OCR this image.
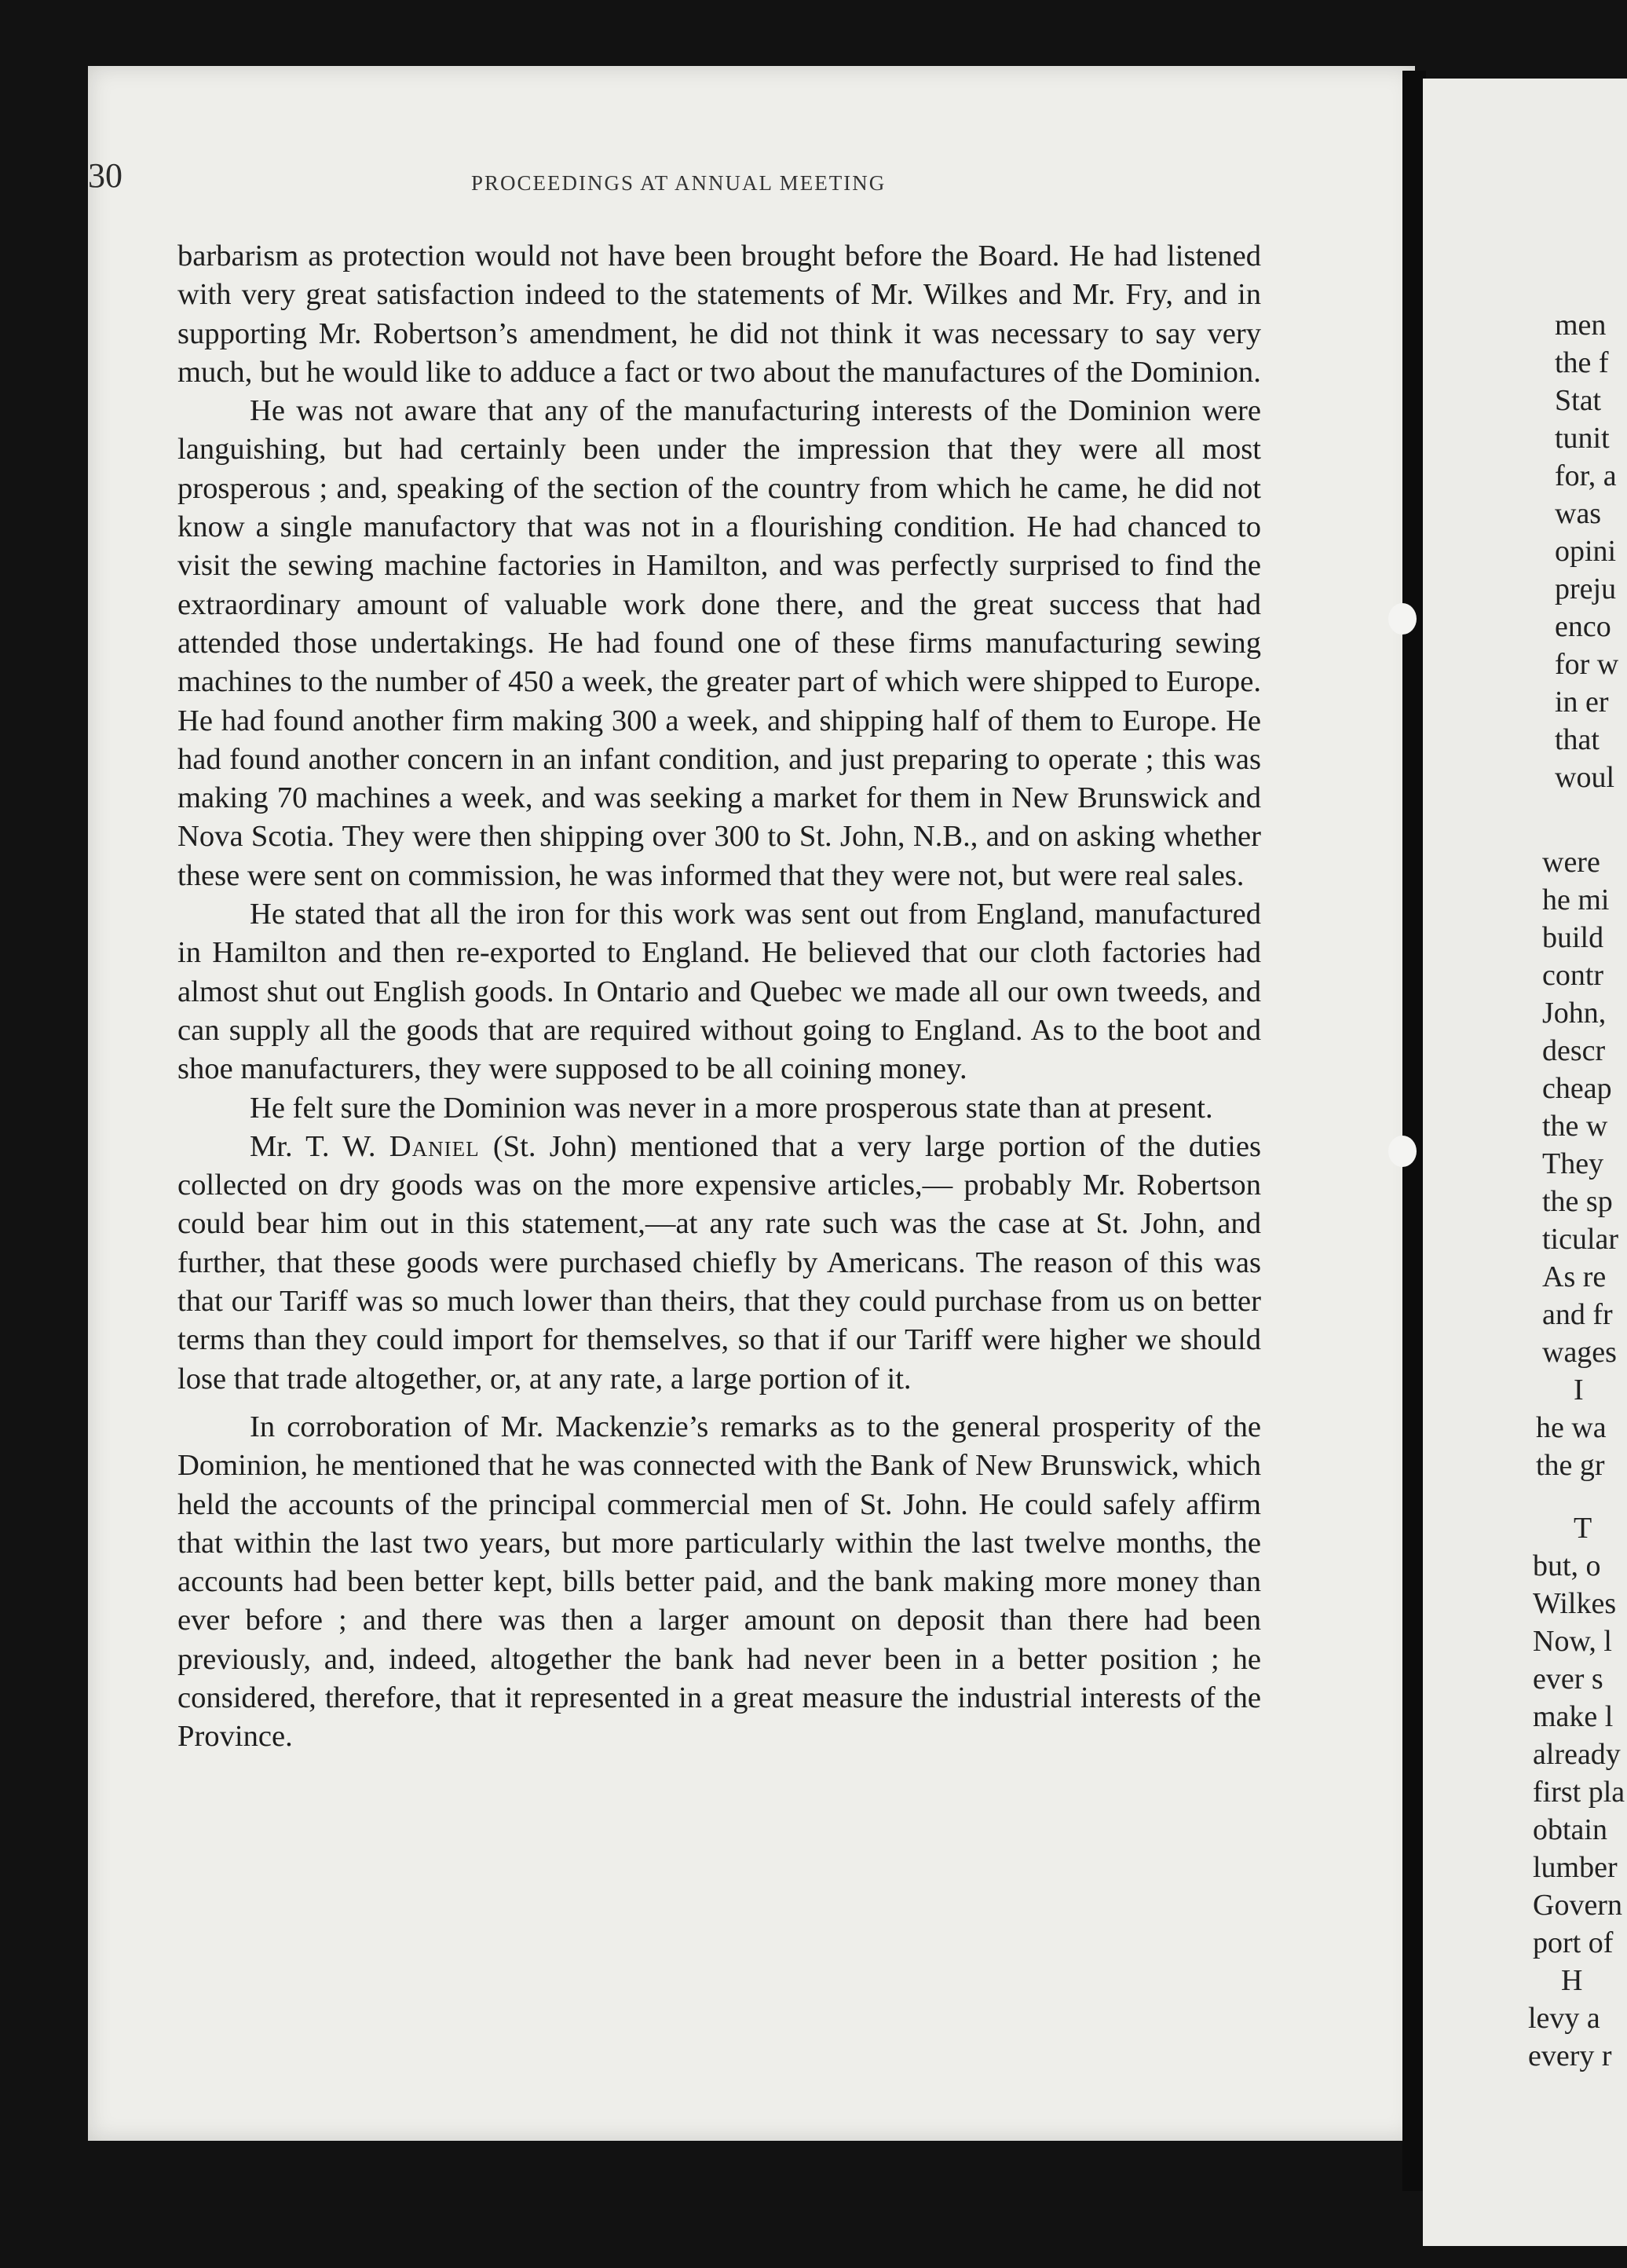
30	PROCEEDINGS AT ANNUAL MEETING

barbarism as protection would not have been brought before the Board. He had listened with very great satisfaction indeed to the statements of Mr. Wilkes and Mr. Fry, and in supporting Mr. Robertson’s amendment, he did not think it was necessary to say very much, but he would like to adduce a fact or two about the manufactures of the Dominion.

He was not aware that any of the manufacturing interests of the Dominion were languishing, but had certainly been under the impression that they were all most prosperous ; and, speaking of the section of the country from which he came, he did not know a single manufactory that was not in a flourishing condition. He had chanced to visit the sewing machine factories in Hamilton, and was perfectly surprised to find the extraordinary amount of valuable work done there, and the great success that had attended those undertakings. He had found one of these firms manufacturing sewing machines to the number of 450 a week, the greater part of which were shipped to Europe. He had found another firm making 300 a week, and shipping half of them to Europe. He had found another concern in an infant condition, and just preparing to operate ; this was making 70 machines a week, and was seeking a market for them in New Brunswick and Nova Scotia. They were then shipping over 300 to St. John, N.B., and on asking whether these were sent on commission, he was informed that they were not, but were real sales.

He stated that all the iron for this work was sent out from England, manufactured in Hamilton and then re-exported to England. He believed that our cloth factories had almost shut out English goods. In Ontario and Quebec we made all our own tweeds, and can supply all the goods that are required without going to England. As to the boot and shoe manufacturers, they were supposed to be all coining money.

He felt sure the Dominion was never in a more prosperous state than at present.

Mr. T. W. Daniel (St. John) mentioned that a very large portion of the duties collected on dry goods was on the more expensive articles,— probably Mr. Robertson could bear him out in this statement,—at any rate such was the case at St. John, and further, that these goods were purchased chiefly by Americans. The reason of this was that our Tariff was so much lower than theirs, that they could purchase from us on better terms than they could import for themselves, so that if our Tariff were higher we should lose that trade altogether, or, at any rate, a large portion of it.

In corroboration of Mr. Mackenzie’s remarks as to the general prosperity of the Dominion, he mentioned that he was connected with the Bank of New Brunswick, which held the accounts of the principal commercial men of St. John. He could safely affirm that within the last two years, but more particularly within the last twelve months, the accounts had been better kept, bills better paid, and the bank making more money than ever before ; and there was then a larger amount on deposit than there had been previously, and, indeed, altogether the bank had never been in a better position ; he considered, therefore, that it represented in a great measure the industrial interests of the Province.

men
the f
Stat
tunit
for, a
was
opini
preju
enco
for w
in er
that
woul
were
he mi
build
contr
John,
descr
cheap
the w
They
the sp
ticular
As re
and fr
wages
I
he wa
the gr
T
but, o
Wilkes
Now, l
ever s
make l
already
first pla
obtain
lumber
Govern
port of
H
levy a
every r
